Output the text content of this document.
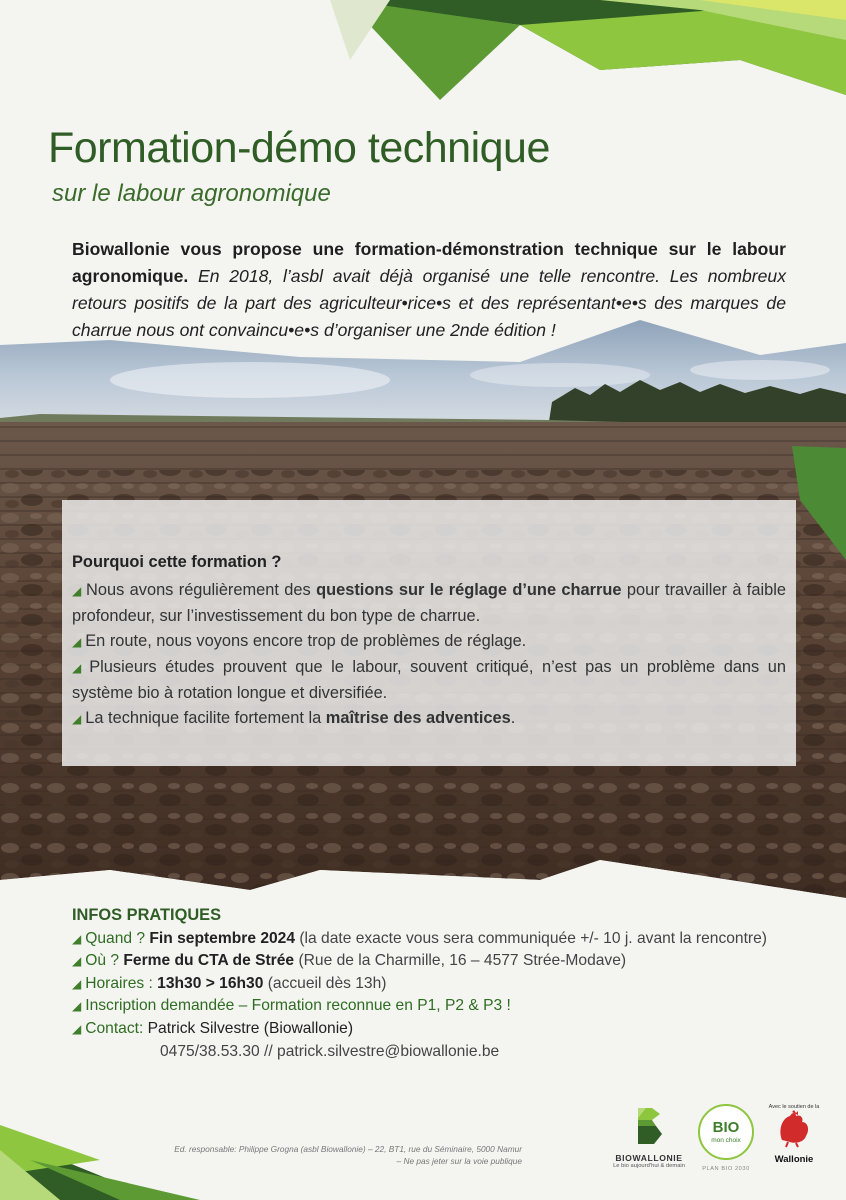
Formation-démo technique
sur le labour agronomique
Biowallonie vous propose une formation-démonstration technique sur le labour agronomique. En 2018, l’asbl avait déjà organisé une telle rencontre. Les nombreux retours positifs de la part des agriculteur•rice•s et des représentant•e•s des marques de charrue nous ont convaincu•e•s d’organiser une 2nde édition !
Pourquoi cette formation ?
◢ Nous avons régulièrement des questions sur le réglage d’une charrue pour travailler à faible profondeur, sur l’investissement du bon type de charrue.
◢ En route, nous voyons encore trop de problèmes de réglage.
◢ Plusieurs études prouvent que le labour, souvent critiqué, n’est pas un problème dans un système bio à rotation longue et diversifiée.
◢ La technique facilite fortement la maîtrise des adventices.
INFOS PRATIQUES
◢ Quand ? Fin septembre 2024 (la date exacte vous sera communiquée +/- 10 j. avant la rencontre)
◢ Où ? Ferme du CTA de Strée (Rue de la Charmille, 16 – 4577 Strée-Modave)
◢ Horaires : 13h30 > 16h30 (accueil dès 13h)
◢ Inscription demandée – Formation reconnue en P1, P2 & P3 !
◢ Contact: Patrick Silvestre (Biowallonie)
0475/38.53.30 // patrick.silvestre@biowallonie.be
Ed. responsable: Philippe Grogna (asbl Biowallonie) – 22, BT1, rue du Séminaire, 5000 Namur
– Ne pas jeter sur la voie publique	BIOWALLONIE
Le bio aujourd’hui & demain
BIO
mon choix
PLAN BIO 2030
Avec le soutien de la
Wallonie
